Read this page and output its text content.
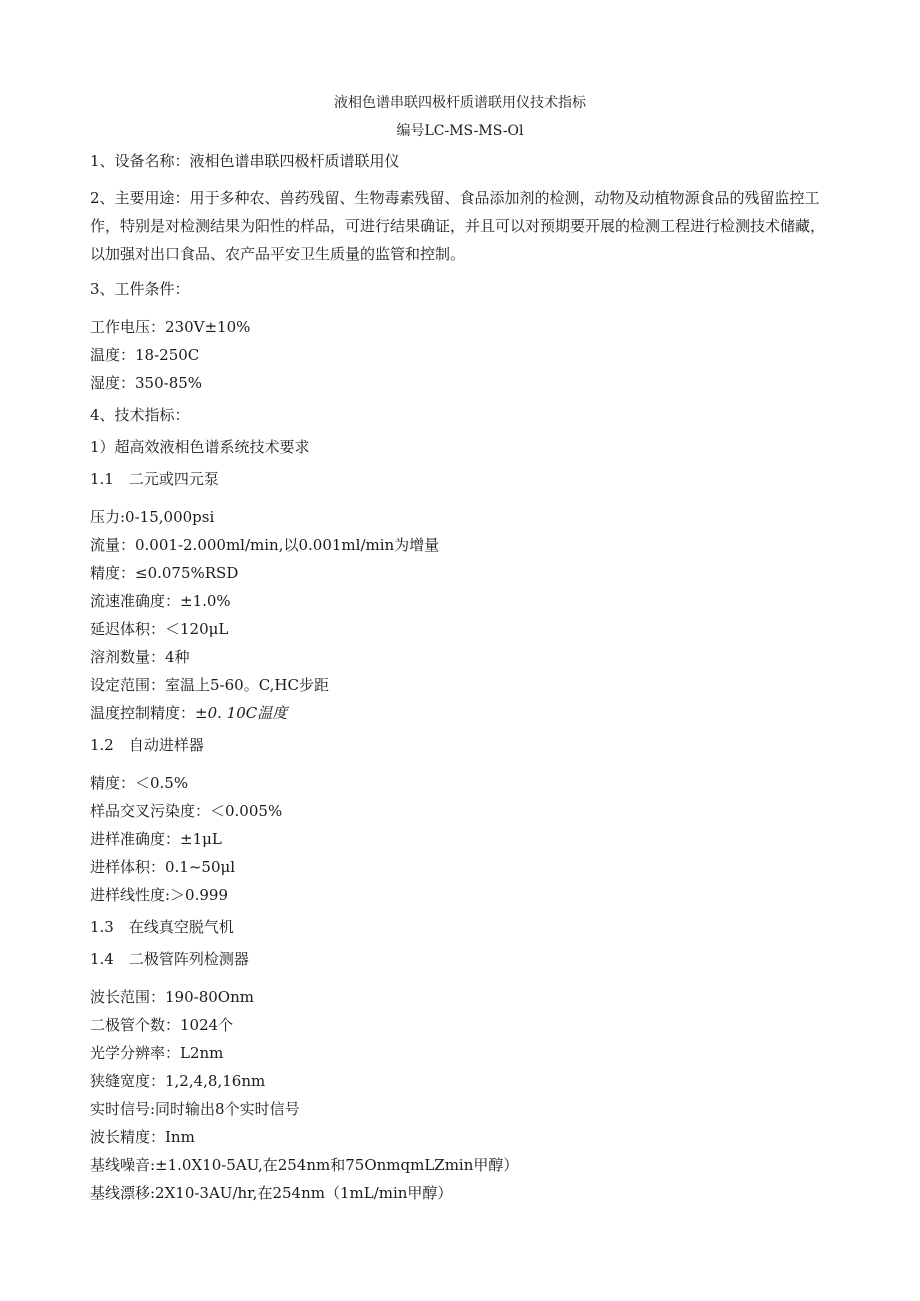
液相色谱串联四极杆质谱联用仪技术指标
编号LC-MS-MS-Ol
1、设备名称：液相色谱串联四极杆质谱联用仪
2、主要用途：用于多种农、兽药残留、生物毒素残留、食品添加剂的检测，动物及动植物源食品的残留监控工作，特别是对检测结果为阳性的样品，可进行结果确证，并且可以对预期要开展的检测工程进行检测技术储藏，以加强对出口食品、农产品平安卫生质量的监管和控制。
3、工件条件：
工作电压：230V±10%
温度：18-250C
湿度：350-85%
4、技术指标：
1）超高效液相色谱系统技术要求
1.1　二元或四元泵
压力:0-15,000psi
流量：0.001-2.000ml∕min,以0.001ml∕min为增量
精度：≤0.075%RSD
流速准确度：±1.0%
延迟体积：＜120μL
溶剂数量：4种
设定范围：室温上5-60。C,HC步距
温度控制精度：±0. 10C温度
1.2　自动进样器
精度：＜0.5%
样品交叉污染度：＜0.005%
进样准确度：±1μL
进样体积：0.1~50μl
进样线性度:＞0.999
1.3　在线真空脱气机
1.4　二极管阵列检测器
波长范围：190-80Onm
二极管个数：1024个
光学分辨率：L2nm
狭缝宽度：1,2,4,8,16nm
实时信号:同时输出8个实时信号
波长精度：Inm
基线噪音:±1.0X10-5AU,在254nm和75OnmqmLZmin甲醇）
基线漂移:2X10-3AU∕hr,在254nm（1mL/min甲醇）
